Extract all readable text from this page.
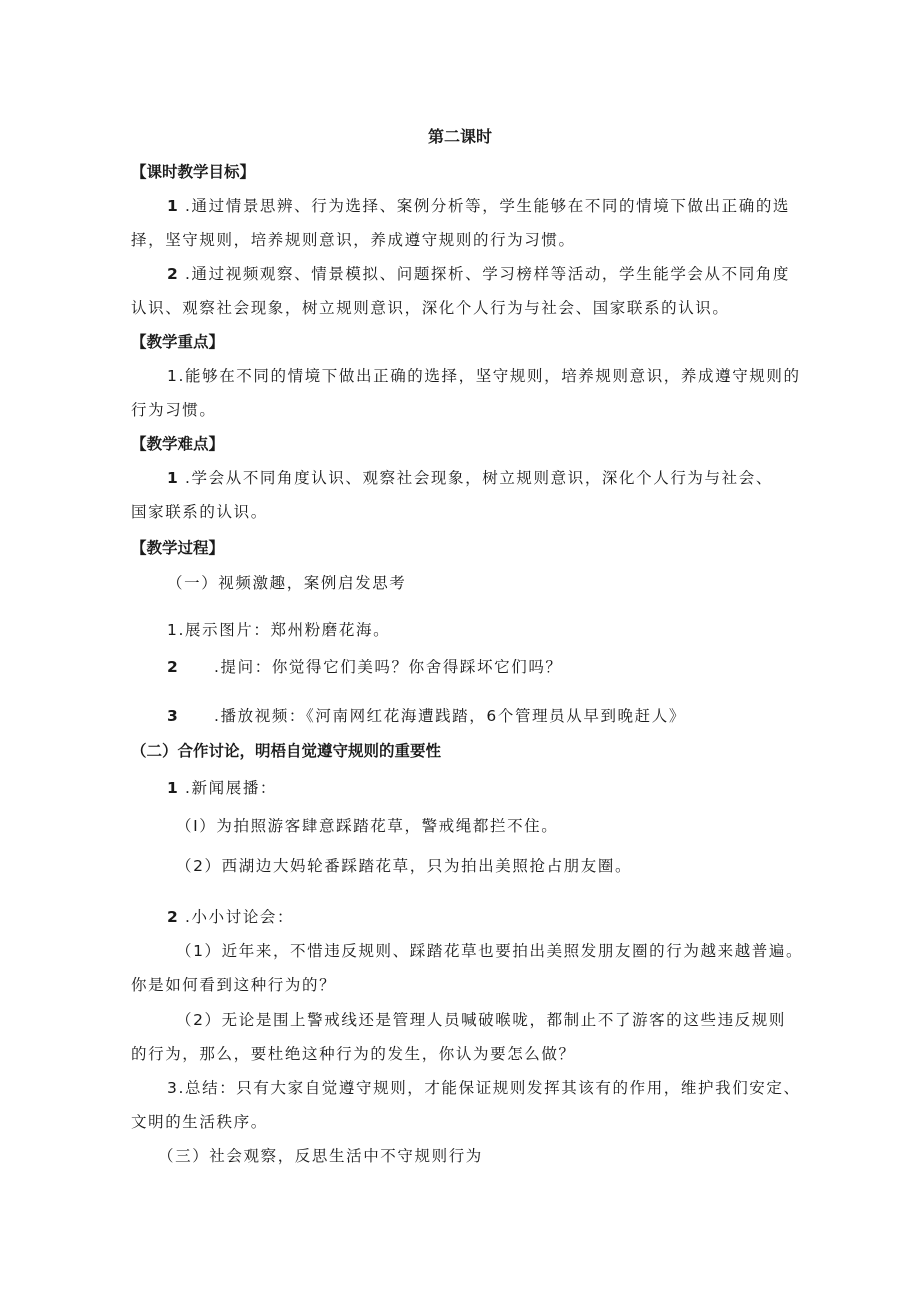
第二课时
【课时教学目标】
1 .通过情景思辨、行为选择、案例分析等，学生能够在不同的情境下做出正确的选
择，坚守规则，培养规则意识，养成遵守规则的行为习惯。
2 .通过视频观察、情景模拟、问题探析、学习榜样等活动，学生能学会从不同角度
认识、观察社会现象，树立规则意识，深化个人行为与社会、国家联系的认识。
【教学重点】
1.能够在不同的情境下做出正确的选择，坚守规则，培养规则意识，养成遵守规则的
行为习惯。
【教学难点】
1 .学会从不同角度认识、观察社会现象，树立规则意识，深化个人行为与社会、
国家联系的认识。
【教学过程】
（一）视频激趣，案例启发思考
1.展示图片：郑州粉磨花海。
2 .提问：你觉得它们美吗？你舍得踩坏它们吗？
3 .播放视频：《河南网红花海遭践踏，6个管理员从早到晚赶人》
（二）合作讨论，明梧自觉遵守规则的重要性
1 .新闻展播：
（I）为拍照游客肆意踩踏花草，警戒绳都拦不住。
（2）西湖边大妈轮番踩踏花草，只为拍出美照抢占朋友圈。
2 .小小讨论会：
（1）近年来，不惜违反规则、踩踏花草也要拍出美照发朋友圈的行为越来越普遍。
你是如何看到这种行为的？
（2）无论是围上警戒线还是管理人员喊破喉咙，都制止不了游客的这些违反规则
的行为，那么，要杜绝这种行为的发生，你认为要怎么做？
3.总结：只有大家自觉遵守规则，才能保证规则发挥其该有的作用，维护我们安定、
文明的生活秩序。
（三）社会观察，反思生活中不守规则行为
